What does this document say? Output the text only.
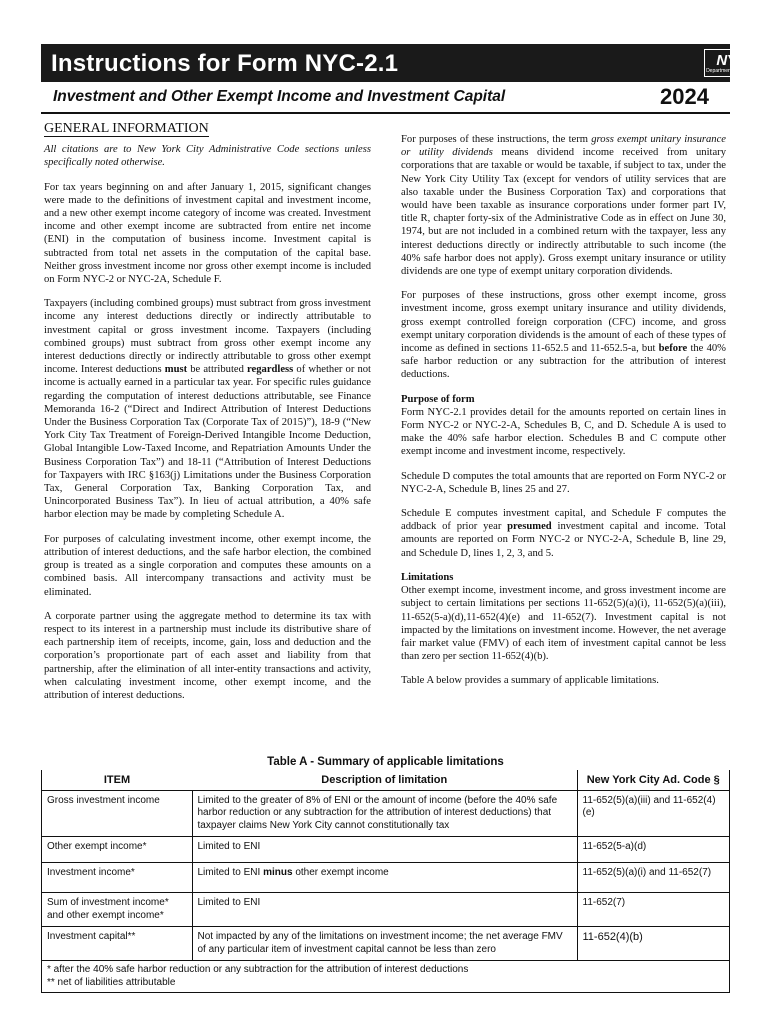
Instructions for Form NYC-2.1	NYC
Department of Finance
Investment and Other Exempt Income and Investment Capital	2024
GENERAL INFORMATION

All citations are to New York City Administrative Code sections unless specifically noted otherwise.

For tax years beginning on and after January 1, 2015, significant changes were made to the definitions of investment capital and investment income, and a new other exempt income category of income was created. Investment income and other exempt income are subtracted from entire net income (ENI) in the computation of business income. Investment capital is subtracted from total net assets in the computation of the capital base. Neither gross investment income nor gross other exempt income is included on Form NYC-2 or NYC-2A, Schedule F.

Taxpayers (including combined groups) must subtract from gross investment income any interest deductions directly or indirectly attributable to investment capital or gross investment income. Taxpayers (including combined groups) must subtract from gross other exempt income any interest deductions directly or indirectly attributable to gross other exempt income. Interest deductions must be attributed regardless of whether or not income is actually earned in a particular tax year. For specific rules guidance regarding the computation of interest deductions attributable, see Finance Memoranda 16-2 (“Direct and Indirect Attribution of Interest Deductions Under the Business Corporation Tax (Corporate Tax of 2015)”), 18-9 (“New York City Tax Treatment of Foreign-Derived Intangible Income Deduction, Global Intangible Low-Taxed Income, and Repatriation Amounts Under the Business Corporation Tax”) and 18-11 (“Attribution of Interest Deductions for Taxpayers with IRC §163(j) Limitations under the Business Corporation Tax, General Corporation Tax, Banking Corporation Tax, and Unincorporated Business Tax”). In lieu of actual attribution, a 40% safe harbor election may be made by completing Schedule A.

For purposes of calculating investment income, other exempt income, the attribution of interest deductions, and the safe harbor election, the combined group is treated as a single corporation and computes these amounts on a combined basis. All intercompany transactions and activity must be eliminated.

A corporate partner using the aggregate method to determine its tax with respect to its interest in a partnership must include its distributive share of each partnership item of receipts, income, gain, loss and deduction and the corporation’s proportionate part of each asset and liability from that partnership, after the elimination of all inter-entity transactions and activity, when calculating investment income, other exempt income, and the attribution of interest deductions.

For purposes of these instructions, the term gross exempt unitary insurance or utility dividends means dividend income received from unitary corporations that are taxable or would be taxable, if subject to tax, under the New York City Utility Tax (except for vendors of utility services that are also taxable under the Business Corporation Tax) and corporations that would have been taxable as insurance corporations under former part IV, title R, chapter forty-six of the Administrative Code as in effect on June 30, 1974, but are not included in a combined return with the taxpayer, less any interest deductions directly or indirectly attributable to such income (the 40% safe harbor does not apply). Gross exempt unitary insurance or utility dividends are one type of exempt unitary corporation dividends.

For purposes of these instructions, gross other exempt income, gross investment income, gross exempt unitary insurance and utility dividends, gross exempt controlled foreign corporation (CFC) income, and gross exempt unitary corporation dividends is the amount of each of these types of income as defined in sections 11-652.5 and 11-652.5-a, but before the 40% safe harbor reduction or any subtraction for the attribution of interest deductions.

Purpose of form
Form NYC-2.1 provides detail for the amounts reported on certain lines in Form NYC-2 or NYC-2-A, Schedules B, C, and D. Schedule A is used to make the 40% safe harbor election. Schedules B and C compute other exempt income and investment income, respectively.

Schedule D computes the total amounts that are reported on Form NYC-2 or NYC-2-A, Schedule B, lines 25 and 27.

Schedule E computes investment capital, and Schedule F computes the addback of prior year presumed investment capital and income. Total amounts are reported on Form NYC-2 or NYC-2-A, Schedule B, line 29, and Schedule D, lines 1, 2, 3, and 5.

Limitations
Other exempt income, investment income, and gross investment income are subject to certain limitations per sections 11-652(5)(a)(i), 11-652(5)(a)(iii), 11-652(5-a)(d),11-652(4)(e) and 11-652(7). Investment capital is not impacted by the limitations on investment income. However, the net average fair market value (FMV) of each item of investment capital cannot be less than zero per section 11-652(4)(b).

Table A below provides a summary of applicable limitations.

Table A - Summary of applicable limitations
ITEM	Description of limitation	New York City Ad. Code §
Gross investment income	Limited to the greater of 8% of ENI or the amount of income (before the 40% safe harbor reduction or any subtraction for the attribution of interest deductions) that taxpayer claims New York City cannot constitutionally tax	11-652(5)(a)(iii) and 11-652(4)(e)
Other exempt income*	Limited to ENI	11-652(5-a)(d)
Investment income*	Limited to ENI minus other exempt income	11-652(5)(a)(i) and 11-652(7)
Sum of investment income* and other exempt income*	Limited to ENI	11-652(7)
Investment capital**	Not impacted by any of the limitations on investment income; the net average FMV of any particular item of investment capital cannot be less than zero	11-652(4)(b)

* after the 40% safe harbor reduction or any subtraction for the attribution of interest deductions
** net of liabilities attributable		
